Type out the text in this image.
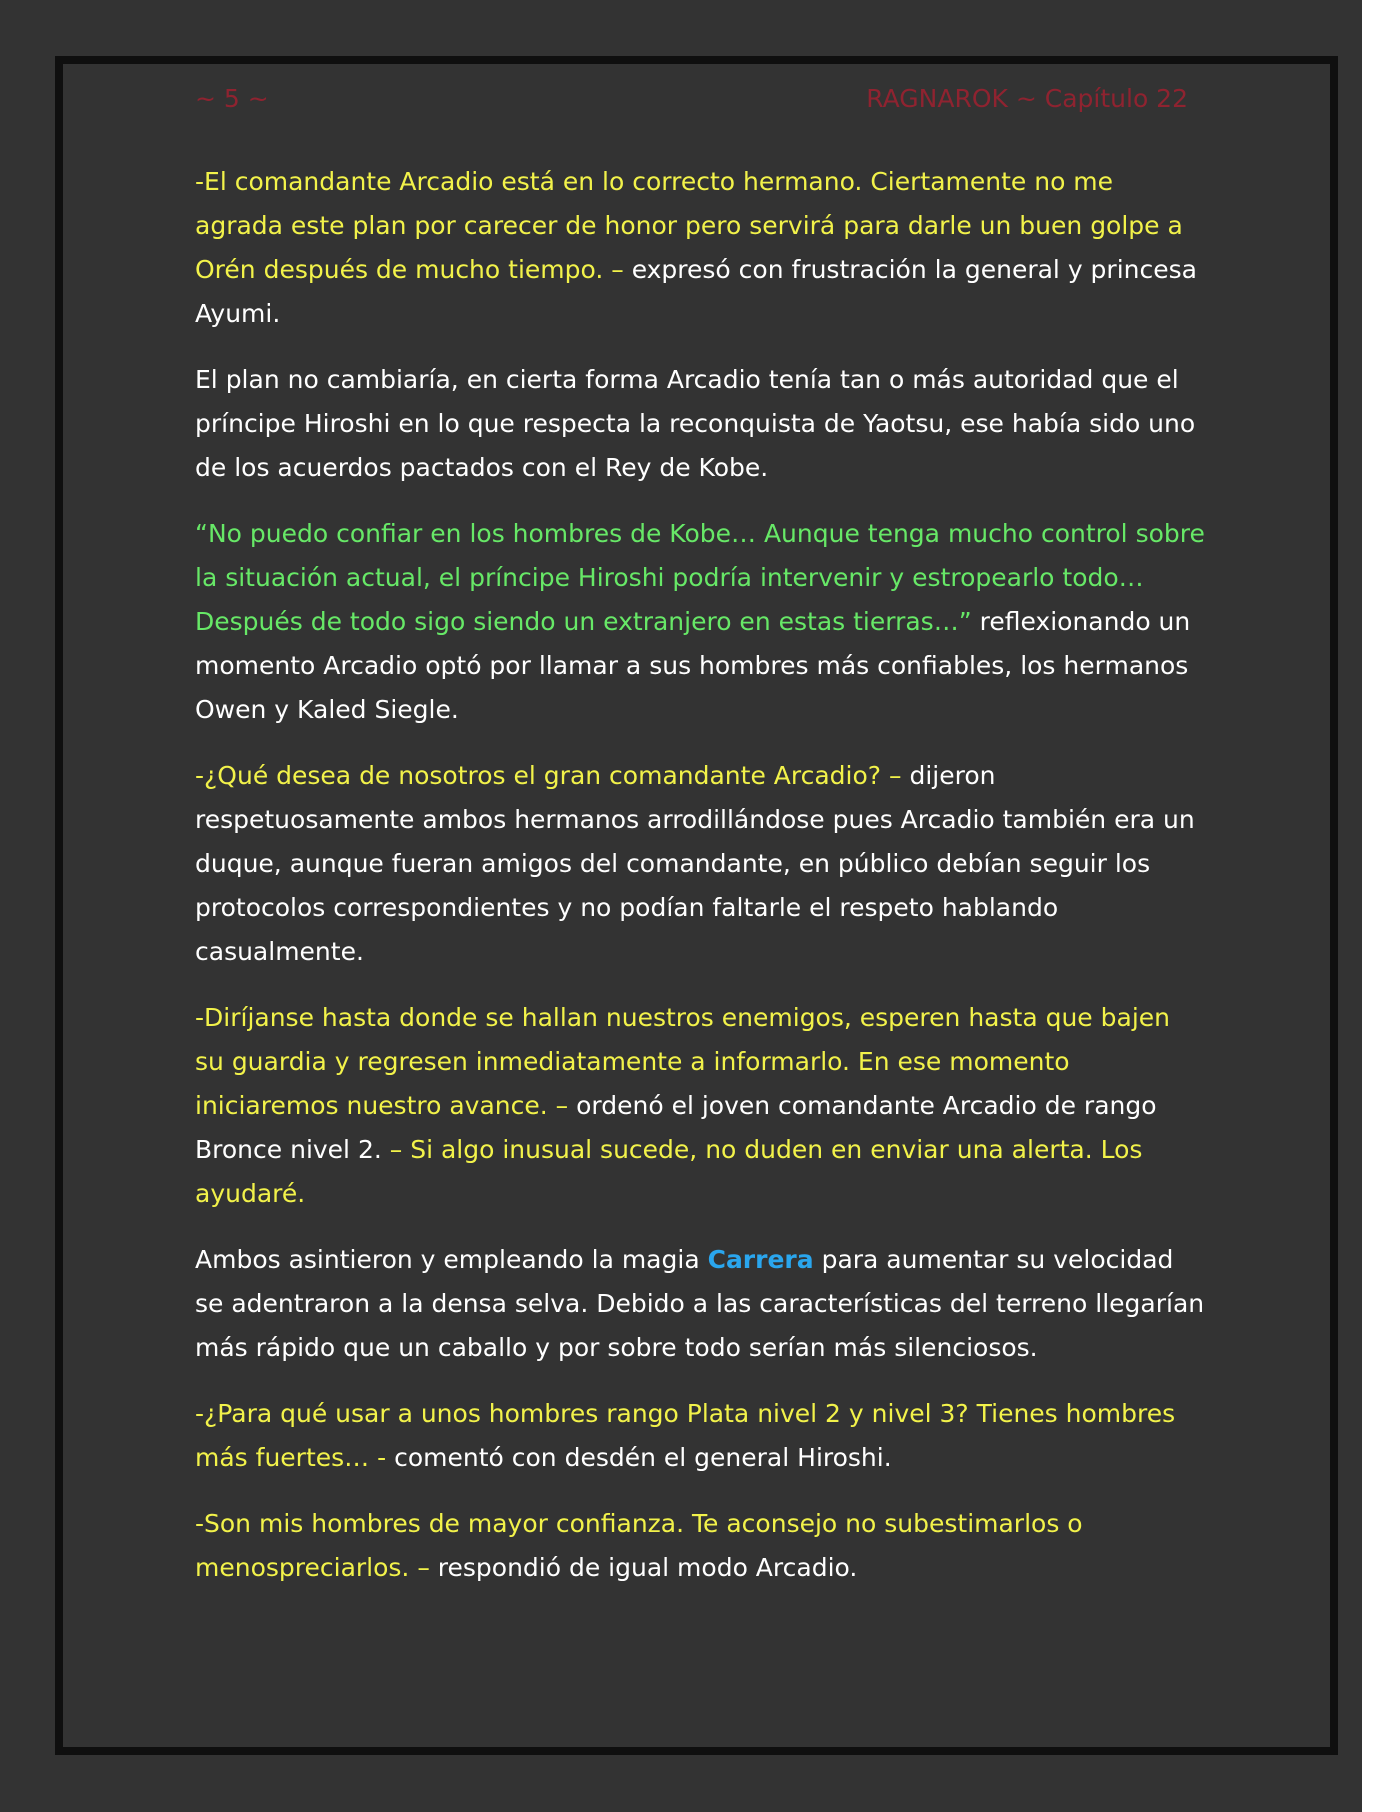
~ 5 ~	RAGNAROK ~ Capítulo 22

-El comandante Arcadio está en lo correcto hermano. Ciertamente no me agrada este plan por carecer de honor pero servirá para darle un buen golpe a Orén después de mucho tiempo. – expresó con frustración la general y princesa Ayumi.

El plan no cambiaría, en cierta forma Arcadio tenía tan o más autoridad que el príncipe Hiroshi en lo que respecta la reconquista de Yaotsu, ese había sido uno de los acuerdos pactados con el Rey de Kobe.

“No puedo confiar en los hombres de Kobe… Aunque tenga mucho control sobre la situación actual, el príncipe Hiroshi podría intervenir y estropearlo todo… Después de todo sigo siendo un extranjero en estas tierras…” reflexionando un momento Arcadio optó por llamar a sus hombres más confiables, los hermanos Owen y Kaled Siegle.

-¿Qué desea de nosotros el gran comandante Arcadio? – dijeron respetuosamente ambos hermanos arrodillándose pues Arcadio también era un duque, aunque fueran amigos del comandante, en público debían seguir los protocolos correspondientes y no podían faltarle el respeto hablando casualmente.

-Diríjanse hasta donde se hallan nuestros enemigos, esperen hasta que bajen su guardia y regresen inmediatamente a informarlo. En ese momento iniciaremos nuestro avance. – ordenó el joven comandante Arcadio de rango Bronce nivel 2. – Si algo inusual sucede, no duden en enviar una alerta. Los ayudaré.

Ambos asintieron y empleando la magia Carrera para aumentar su velocidad se adentraron a la densa selva. Debido a las características del terreno llegarían más rápido que un caballo y por sobre todo serían más silenciosos.

-¿Para qué usar a unos hombres rango Plata nivel 2 y nivel 3? Tienes hombres más fuertes… - comentó con desdén el general Hiroshi.

-Son mis hombres de mayor confianza. Te aconsejo no subestimarlos o menospreciarlos. – respondió de igual modo Arcadio.
